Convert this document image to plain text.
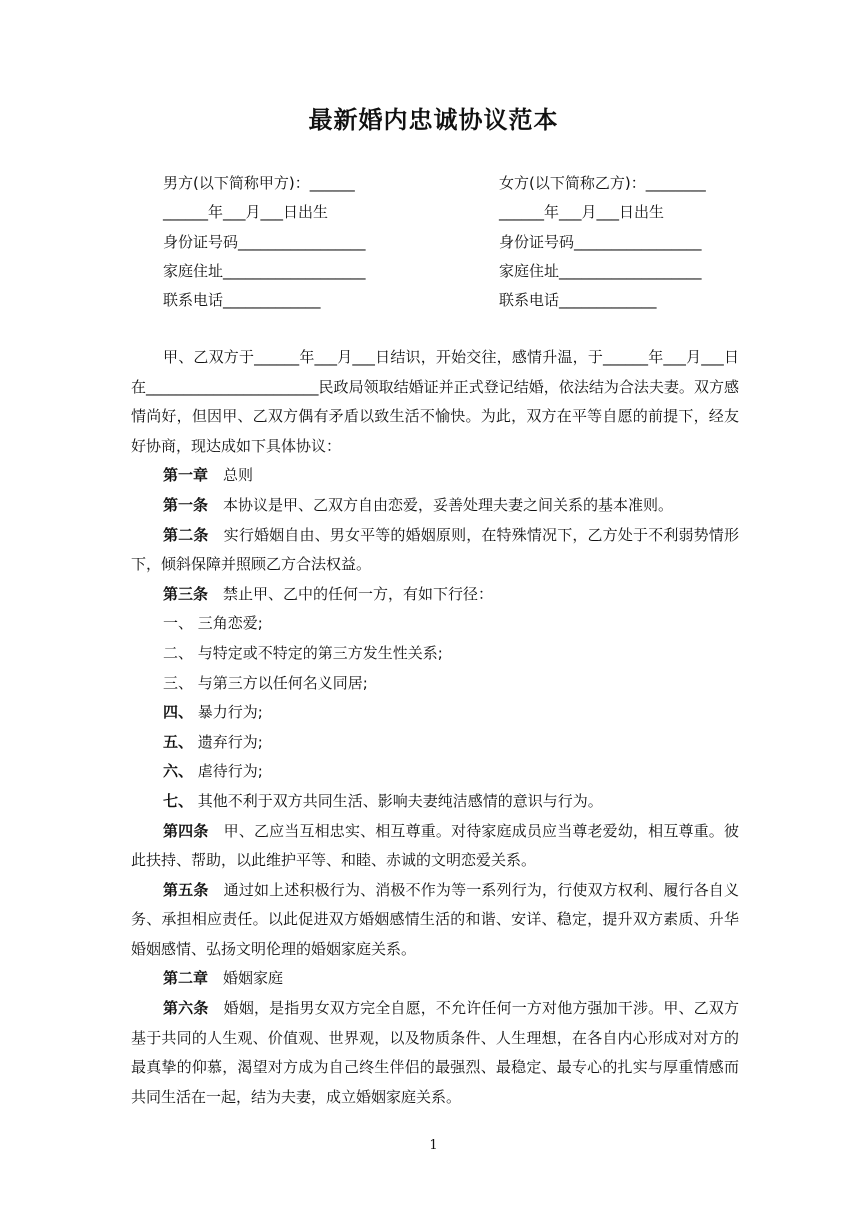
最新婚内忠诚协议范本
男方(以下简称甲方)：______
______年___月___日出生
身份证号码_________________
家庭住址___________________
联系电话_____________
女方(以下简称乙方)：________
______年___月___日出生
身份证号码_________________
家庭住址___________________
联系电话_____________
甲、乙双方于______年___月___日结识，开始交往，感情升温，于______年___月___日在_______________________民政局领取结婚证并正式登记结婚，依法结为合法夫妻。双方感情尚好，但因甲、乙双方偶有矛盾以致生活不愉快。为此，双方在平等自愿的前提下，经友好协商，现达成如下具体协议：
第一章　 总则
第一条　 本协议是甲、乙双方自由恋爱，妥善处理夫妻之间关系的基本准则。
第二条　 实行婚姻自由、男女平等的婚姻原则，在特殊情况下，乙方处于不利弱势情形下，倾斜保障并照顾乙方合法权益。
第三条　 禁止甲、乙中的任何一方，有如下行径：
一、 三角恋爱;
二、 与特定或不特定的第三方发生性关系;
三、 与第三方以任何名义同居;
四、 暴力行为;
五、 遗弃行为;
六、 虐待行为;
七、 其他不利于双方共同生活、影响夫妻纯洁感情的意识与行为。
第四条　 甲、乙应当互相忠实、相互尊重。对待家庭成员应当尊老爱幼，相互尊重。彼此扶持、帮助，以此维护平等、和睦、赤诚的文明恋爱关系。
第五条　 通过如上述积极行为、消极不作为等一系列行为，行使双方权利、履行各自义务、承担相应责任。以此促进双方婚姻感情生活的和谐、安详、稳定，提升双方素质、升华婚姻感情、弘扬文明伦理的婚姻家庭关系。
第二章　 婚姻家庭
第六条　 婚姻，是指男女双方完全自愿，不允许任何一方对他方强加干涉。甲、乙双方基于共同的人生观、价值观、世界观，以及物质条件、人生理想，在各自内心形成对对方的最真挚的仰慕，渴望对方成为自己终生伴侣的最强烈、最稳定、最专心的扎实与厚重情感而共同生活在一起，结为夫妻，成立婚姻家庭关系。
1
